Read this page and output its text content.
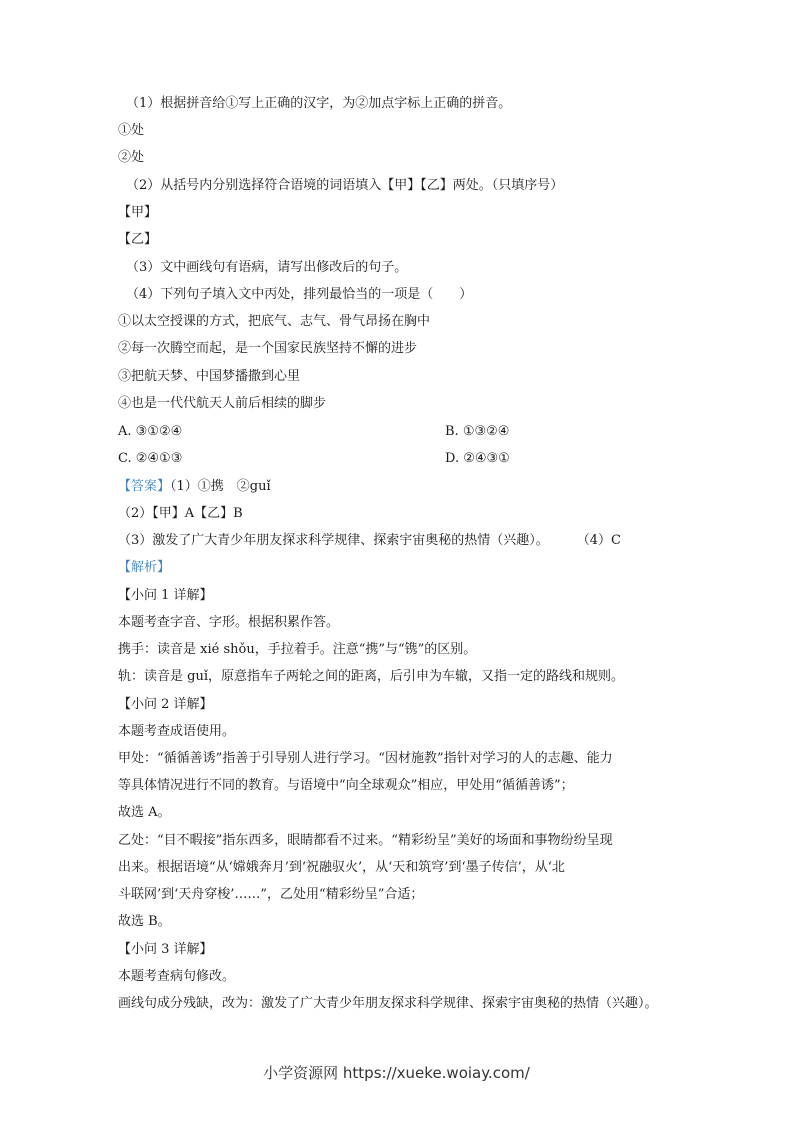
（1）根据拼音给①写上正确的汉字，为②加点字标上正确的拼音。
①处
②处
（2）从括号内分别选择符合语境的词语填入【甲】【乙】两处。（只填序号）
【甲】
【乙】
（3）文中画线句有语病，请写出修改后的句子。
（4）下列句子填入文中丙处，排列最恰当的一项是（　　）
①以太空授课的方式，把底气、志气、骨气昂扬在胸中
②每一次腾空而起，是一个国家民族坚持不懈的进步
③把航天梦、中国梦播撒到心里
④也是一代代航天人前后相续的脚步
A. ③①②④	B. ①③②④
C. ②④①③	D. ②④③①
【答案】（1）①携　②guǐ
（2）【甲】A【乙】B
（3）激发了广大青少年朋友探求科学规律、探索宇宙奥秘的热情（兴趣）。 （4）C
【解析】
【小问 1 详解】
本题考查字音、字形。根据积累作答。
携手：读音是 xié shǒu，手拉着手。注意“携”与“镌”的区别。
轨：读音是 guǐ，原意指车子两轮之间的距离，后引申为车辙，又指一定的路线和规则。
【小问 2 详解】
本题考查成语使用。
甲处：“循循善诱”指善于引导别人进行学习。“因材施教”指针对学习的人的志趣、能力
等具体情况进行不同的教育。与语境中“向全球观众”相应，甲处用“循循善诱”；
故选 A。
乙处：“目不暇接”指东西多，眼睛都看不过来。“精彩纷呈”美好的场面和事物纷纷呈现
出来。根据语境“从‘嫦娥奔月’到‘祝融驭火’，从‘天和筑穹’到‘墨子传信’，从‘北
斗联网’到‘天舟穿梭’……”，乙处用“精彩纷呈”合适；
故选 B。
【小问 3 详解】
本题考查病句修改。
画线句成分残缺，改为：激发了广大青少年朋友探求科学规律、探索宇宙奥秘的热情（兴趣）。
小学资源网 https://xueke.woiay.com/
